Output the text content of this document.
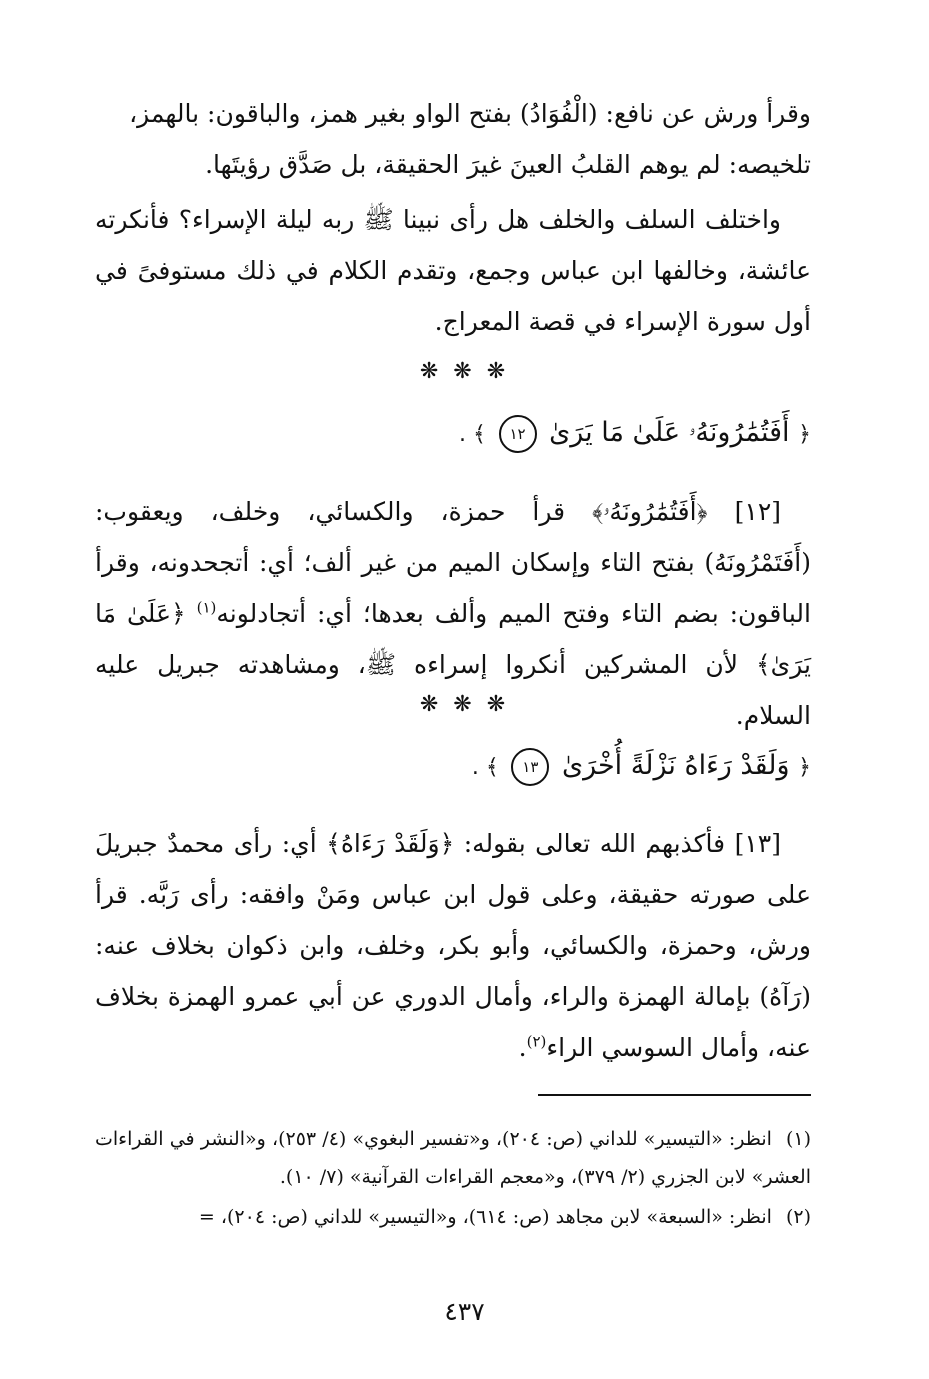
وقرأ ورش عن نافع: (الْفُوَادُ) بفتح الواو بغير همز، والباقون: بالهمز،

تلخيصه: لم يوهم القلبُ العينَ غيرَ الحقيقة، بل صَدَّق رؤيتَها.

واختلف السلف والخلف هل رأى نبينا ﷺ ربه ليلة الإسراء؟ فأنكرته عائشة، وخالفها ابن عباس وجمع، وتقدم الكلام في ذلك مستوفىً في أول سورة الإسراء في قصة المعراج.

❋ ❋ ❋
﴿ أَفَتُمَٰرُونَهُۥ عَلَىٰ مَا يَرَىٰ ١٢ ﴾ .

[١٢] ﴿أَفَتُمَٰرُونَهُۥ﴾ قرأ حمزة، والكسائي، وخلف، ويعقوب: (أَفَتَمْرُونَهُ) بفتح التاء وإسكان الميم من غير ألف؛ أي: أتجحدونه، وقرأ الباقون: بضم التاء وفتح الميم وألف بعدها؛ أي: أتجادلونه$^{(١)}$ ﴿عَلَىٰ مَا يَرَىٰ﴾ لأن المشركين أنكروا إسراءه ﷺ، ومشاهدته جبريل عليه السلام.

❋ ❋ ❋
﴿ وَلَقَدْ رَءَاهُ نَزْلَةً أُخْرَىٰ ١٣ ﴾ .

[١٣] فأكذبهم الله تعالى بقوله: ﴿وَلَقَدْ رَءَاهُ﴾ أي: رأى محمدٌ جبريلَ على صورته حقيقة، وعلى قول ابن عباس ومَنْ وافقه: رأى رَبَّه. قرأ ورش، وحمزة، والكسائي، وأبو بكر، وخلف، وابن ذكوان بخلاف عنه: (رَآهُ) بإمالة الهمزة والراء، وأمال الدوري عن أبي عمرو الهمزة بخلاف عنه، وأمال السوسي الراء$^{(٢)}$.

(١)انظر: «التيسير» للداني (ص: ٢٠٤)، و«تفسير البغوي» (٤/ ٢٥٣)، و«النشر في القراءات العشر» لابن الجزري (٢/ ٣٧٩)، و«معجم القراءات القرآنية» (٧/ ١٠).
(٢)انظر: «السبعة» لابن مجاهد (ص: ٦١٤)، و«التيسير» للداني (ص: ٢٠٤)، =
٤٣٧
